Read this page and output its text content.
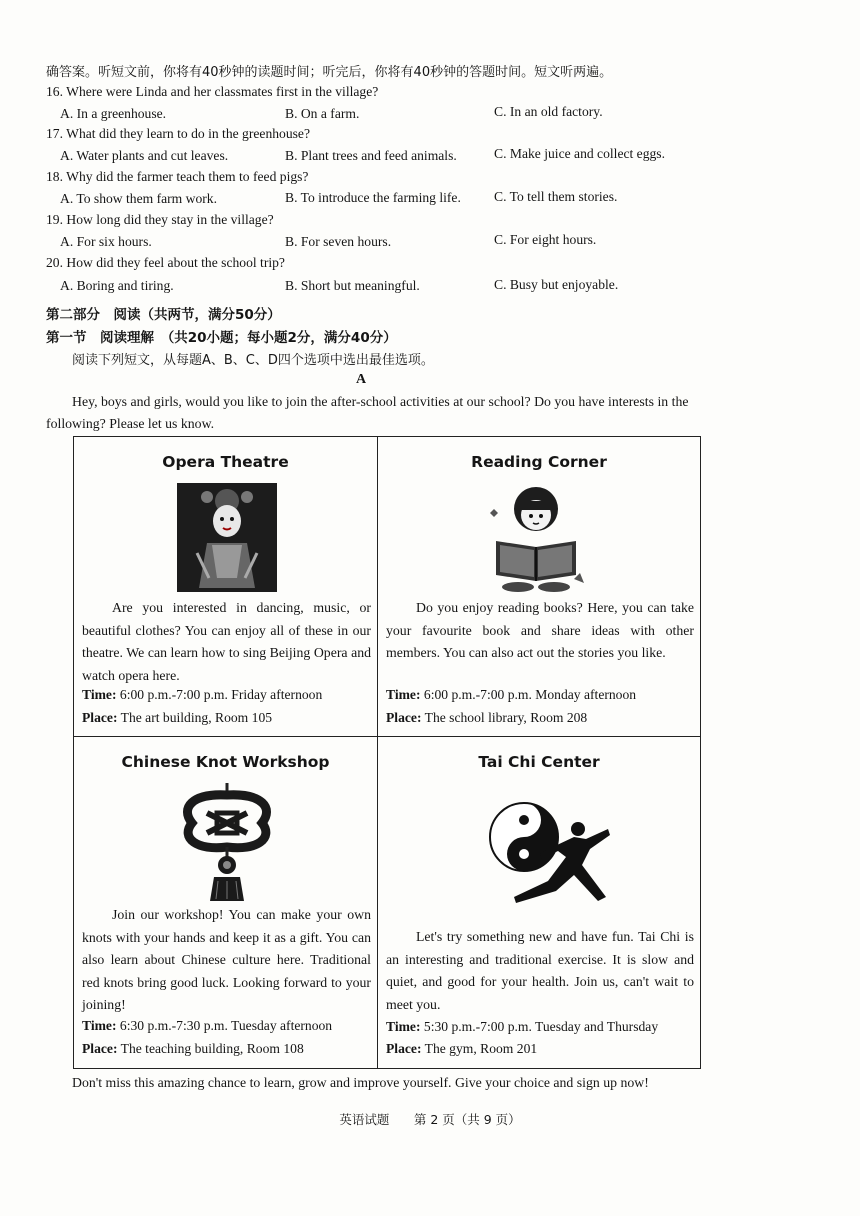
确答案。听短文前，你将有40秒钟的读题时间；听完后，你将有40秒钟的答题时间。短文听两遍。
16. Where were Linda and her classmates first in the village?
A. In a greenhouse.	B. On a farm.	C. In an old factory.
17. What did they learn to do in the greenhouse?
A. Water plants and cut leaves.	B. Plant trees and feed animals.	C. Make juice and collect eggs.
18. Why did the farmer teach them to feed pigs?
A. To show them farm work.	B. To introduce the farming life. C. To tell them stories.
19. How long did they stay in the village?
A. For six hours.	B. For seven hours.	C. For eight hours.
20. How did they feel about the school trip?
A. Boring and tiring.	B. Short but meaningful.	C. Busy but enjoyable.
第二部分　阅读（共两节，满分50分）
第一节　阅读理解　（共20小题；每小题2分，满分40分）
阅读下列短文，从每题A、B、C、D四个选项中选出最佳选项。
A
Hey, boys and girls, would you like to join the after-school activities at our school? Do you have interests in the following? Please let us know.
Opera Theatre
Are you interested in dancing, music, or beautiful clothes? You can enjoy all of these in our theatre. We can learn how to sing Beijing Opera and watch opera here.
Time: 6:00 p.m.-7:00 p.m. Friday afternoon
Place: The art building, Room 105
Reading Corner
Do you enjoy reading books? Here, you can take your favourite book and share ideas with other members. You can also act out the stories you like.
Time: 6:00 p.m.-7:00 p.m. Monday afternoon
Place: The school library, Room 208
Chinese Knot Workshop
Join our workshop! You can make your own knots with your hands and keep it as a gift. You can also learn about Chinese culture here. Traditional red knots bring good luck. Looking forward to your joining!
Time: 6:30 p.m.-7:30 p.m. Tuesday afternoon
Place: The teaching building, Room 108
Tai Chi Center
Let's try something new and have fun. Tai Chi is an interesting and traditional exercise. It is slow and quiet, and good for your health. Join us, can't wait to meet you.
Time: 5:30 p.m.-7:00 p.m. Tuesday and Thursday
Place: The gym, Room 201
Don't miss this amazing chance to learn, grow and improve yourself. Give your choice and sign up now!
英语试题 第 2 页（共 9 页）
